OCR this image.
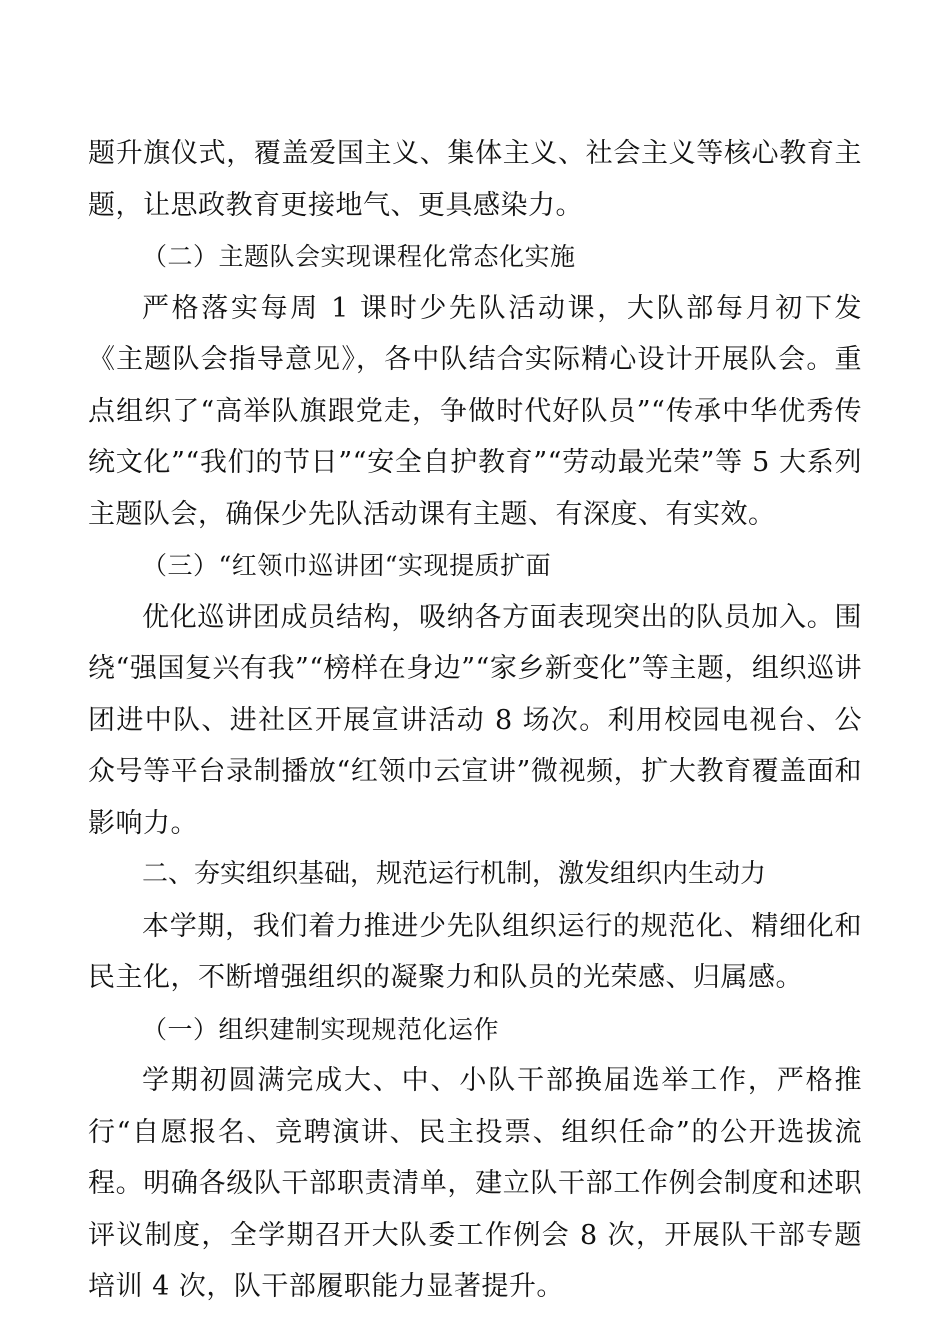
题升旗仪式，覆盖爱国主义、集体主义、社会主义等核心教育主题，让思政教育更接地气、更具感染力。

（二）主题队会实现课程化常态化实施

严格落实每周 1 课时少先队活动课，大队部每月初下发《主题队会指导意见》，各中队结合实际精心设计开展队会。重点组织了“高举队旗跟党走，争做时代好队员”“传承中华优秀传统文化”“我们的节日”“安全自护教育”“劳动最光荣”等 5 大系列主题队会，确保少先队活动课有主题、有深度、有实效。

（三）“红领巾巡讲团“实现提质扩面

优化巡讲团成员结构，吸纳各方面表现突出的队员加入。围绕“强国复兴有我”“榜样在身边”“家乡新变化”等主题，组织巡讲团进中队、进社区开展宣讲活动 8 场次。利用校园电视台、公众号等平台录制播放“红领巾云宣讲”微视频，扩大教育覆盖面和影响力。

二、夯实组织基础，规范运行机制，激发组织内生动力

本学期，我们着力推进少先队组织运行的规范化、精细化和民主化，不断增强组织的凝聚力和队员的光荣感、归属感。

（一）组织建制实现规范化运作

学期初圆满完成大、中、小队干部换届选举工作，严格推行“自愿报名、竞聘演讲、民主投票、组织任命”的公开选拔流程。明确各级队干部职责清单，建立队干部工作例会制度和述职评议制度，全学期召开大队委工作例会 8 次，开展队干部专题培训 4 次，队干部履职能力显著提升。
